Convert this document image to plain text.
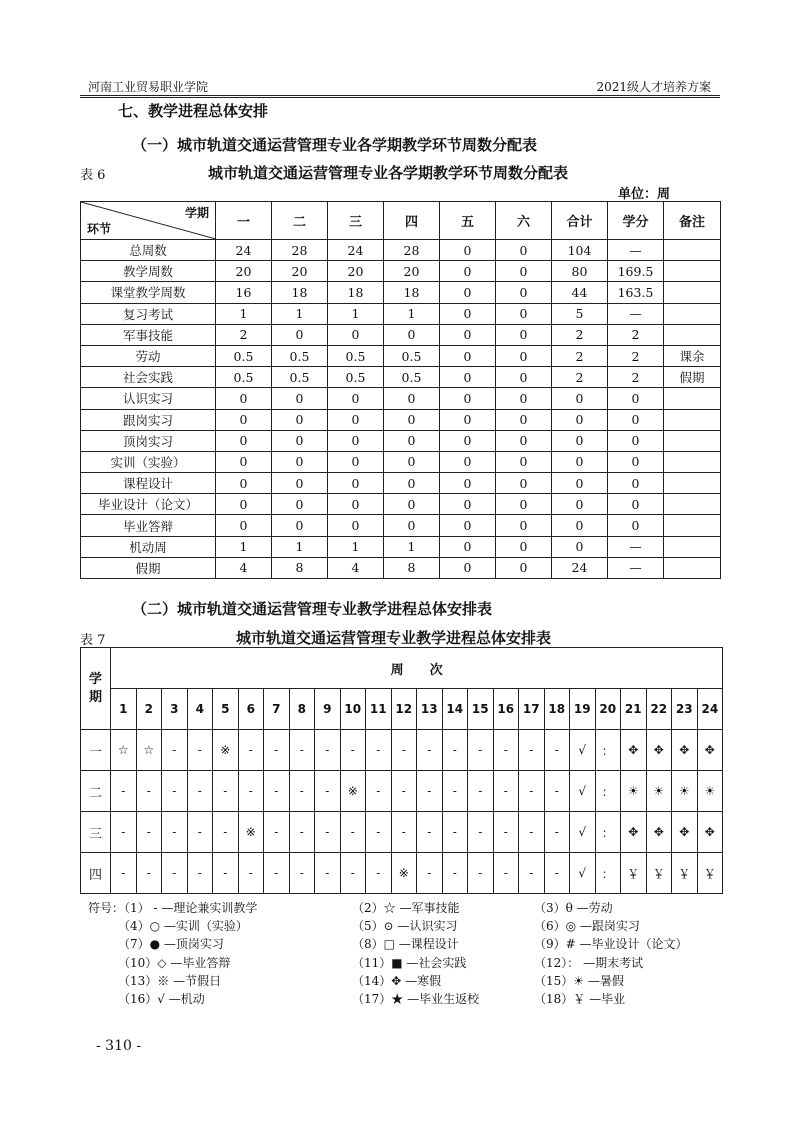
河南工业贸易职业学院	2021级人才培养方案
七、教学进程总体安排
（一）城市轨道交通运营管理专业各学期教学环节周数分配表
表 6	城市轨道交通运营管理专业各学期教学环节周数分配表
单位：周
学期
环节	一	二	三	四	五	六	合计	学分	备注
总周数	24	28	24	28	0	0	104	—	
教学周数	20	20	20	20	0	0	80	169.5	
课堂教学周数	16	18	18	18	0	0	44	163.5	
复习考试	1	1	1	1	0	0	5	—	
军事技能	2	0	0	0	0	0	2	2	
劳动	0.5	0.5	0.5	0.5	0	0	2	2	课余
社会实践	0.5	0.5	0.5	0.5	0	0	2	2	假期
认识实习	0	0	0	0	0	0	0	0	
跟岗实习	0	0	0	0	0	0	0	0	
顶岗实习	0	0	0	0	0	0	0	0	
实训（实验）	0	0	0	0	0	0	0	0	
课程设计	0	0	0	0	0	0	0	0	
毕业设计（论文）	0	0	0	0	0	0	0	0	
毕业答辩	0	0	0	0	0	0	0	0	
机动周	1	1	1	1	0	0	0	—	
假期	4	8	4	8	0	0	24	—	
（二）城市轨道交通运营管理专业教学进程总体安排表
表 7	城市轨道交通运营管理专业教学进程总体安排表
学期	周　　次																							
	1	2	3	4	5	6	7	8	9	10	11	12	13	14	15	16	17	18	19	20	21	22	23	24
一	☆	☆	-	-	※	-	-	-	-	-	-	-	-	-	-	-	-	-	√	：	✥	✥	✥	✥
二	-	-	-	-	-	-	-	-	-	※	-	-	-	-	-	-	-	-	√	：	☀	☀	☀	☀
三	-	-	-	-	-	※	-	-	-	-	-	-	-	-	-	-	-	-	√	：	✥	✥	✥	✥
四	-	-	-	-	-	-	-	-	-	-	-	※	-	-	-	-	-	-	√	：	￥	￥	￥	￥
符号：
（1） - —理论兼实训教学	（2）☆ —军事技能	（3）θ —劳动
（4）○ —实训（实验）	（5）⊙ —认识实习	（6）◎ —跟岗实习
（7）● —顶岗实习	（8）□ —课程设计	（9）# —毕业设计（论文）
（10）◇ —毕业答辩	（11）■ —社会实践	（12）： —期末考试
（13）※ —节假日	（14）✥ —寒假	（15）☀ —暑假
（16）√ —机动	（17）★ —毕业生返校	（18）￥ —毕业
- 310 -
